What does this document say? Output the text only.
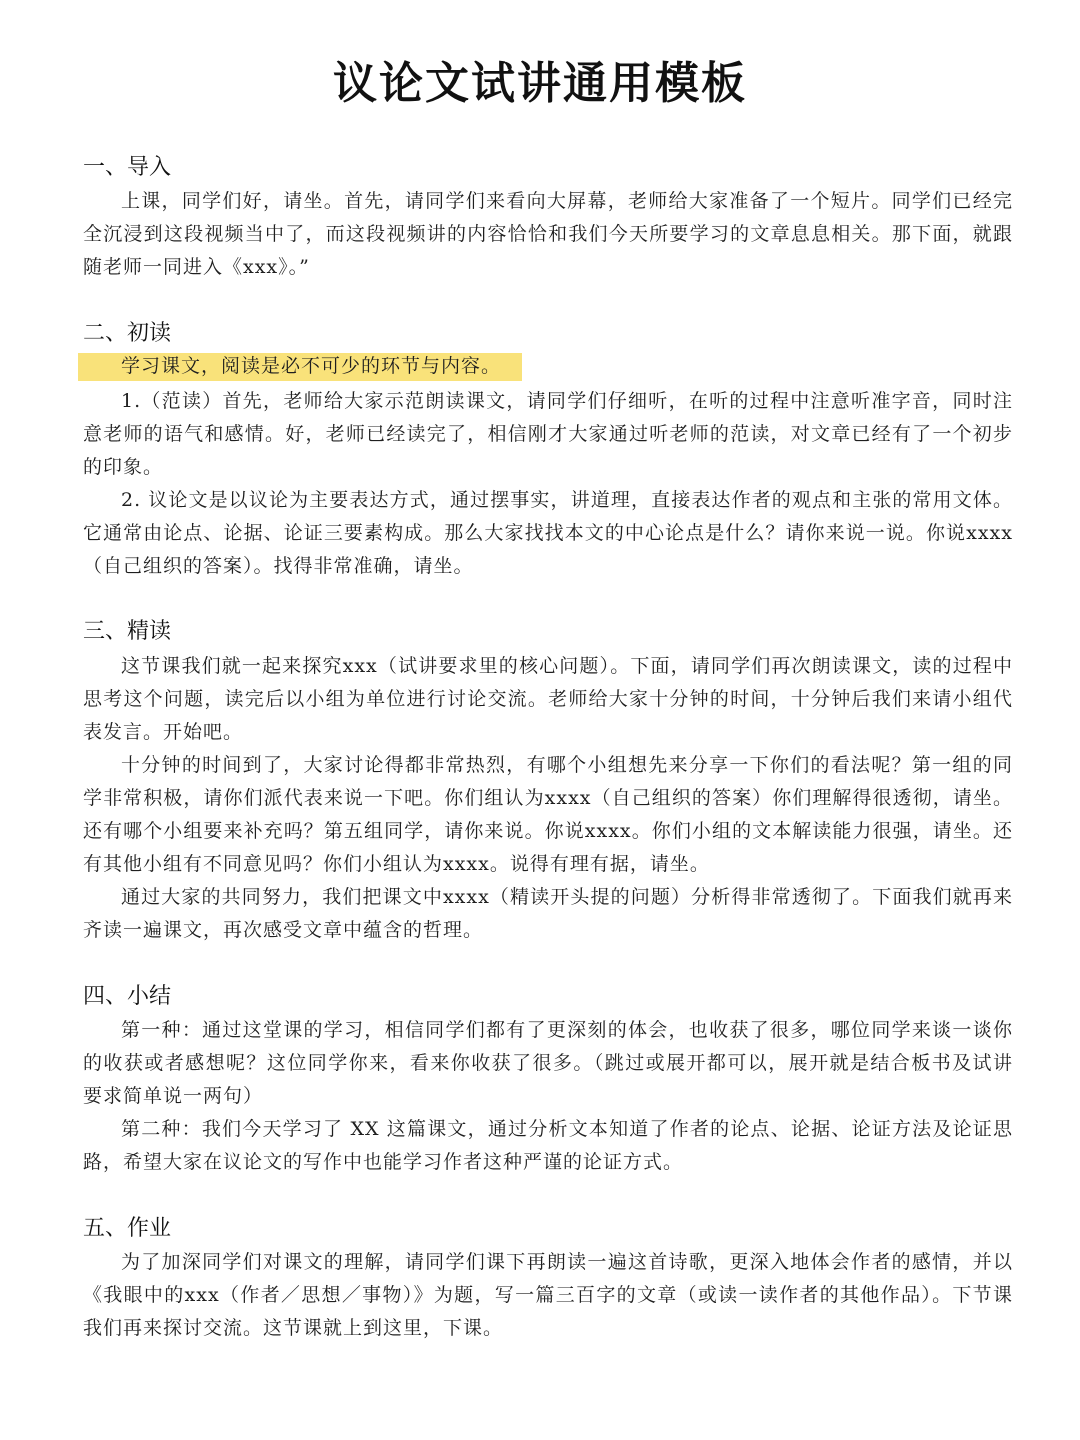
议论文试讲通用模板
一、导入
上课，同学们好，请坐。首先，请同学们来看向大屏幕，老师给大家准备了一个短片。同学们已经完全沉浸到这段视频当中了，而这段视频讲的内容恰恰和我们今天所要学习的文章息息相关。那下面，就跟随老师一同进入《xxx》。”
二、初读
学习课文，阅读是必不可少的环节与内容。
1.（范读）首先，老师给大家示范朗读课文，请同学们仔细听，在听的过程中注意听准字音，同时注意老师的语气和感情。好，老师已经读完了，相信刚才大家通过听老师的范读，对文章已经有了一个初步的印象。
2. 议论文是以议论为主要表达方式，通过摆事实，讲道理，直接表达作者的观点和主张的常用文体。它通常由论点、论据、论证三要素构成。那么大家找找本文的中心论点是什么？请你来说一说。你说xxxx（自己组织的答案）。找得非常准确，请坐。
三、精读
这节课我们就一起来探究xxx（试讲要求里的核心问题）。下面，请同学们再次朗读课文，读的过程中思考这个问题，读完后以小组为单位进行讨论交流。老师给大家十分钟的时间，十分钟后我们来请小组代表发言。开始吧。
十分钟的时间到了，大家讨论得都非常热烈，有哪个小组想先来分享一下你们的看法呢？第一组的同学非常积极，请你们派代表来说一下吧。你们组认为xxxx（自己组织的答案）你们理解得很透彻，请坐。还有哪个小组要来补充吗？第五组同学，请你来说。你说xxxx。你们小组的文本解读能力很强，请坐。还有其他小组有不同意见吗？你们小组认为xxxx。说得有理有据，请坐。
通过大家的共同努力，我们把课文中xxxx（精读开头提的问题）分析得非常透彻了。下面我们就再来齐读一遍课文，再次感受文章中蕴含的哲理。
四、小结
第一种：通过这堂课的学习，相信同学们都有了更深刻的体会，也收获了很多，哪位同学来谈一谈你的收获或者感想呢？这位同学你来，看来你收获了很多。（跳过或展开都可以，展开就是结合板书及试讲要求简单说一两句）
第二种：我们今天学习了 XX 这篇课文，通过分析文本知道了作者的论点、论据、论证方法及论证思路，希望大家在议论文的写作中也能学习作者这种严谨的论证方式。
五、作业
为了加深同学们对课文的理解，请同学们课下再朗读一遍这首诗歌，更深入地体会作者的感情，并以《我眼中的xxx（作者／思想／事物）》为题，写一篇三百字的文章（或读一读作者的其他作品）。下节课我们再来探讨交流。这节课就上到这里，下课。
